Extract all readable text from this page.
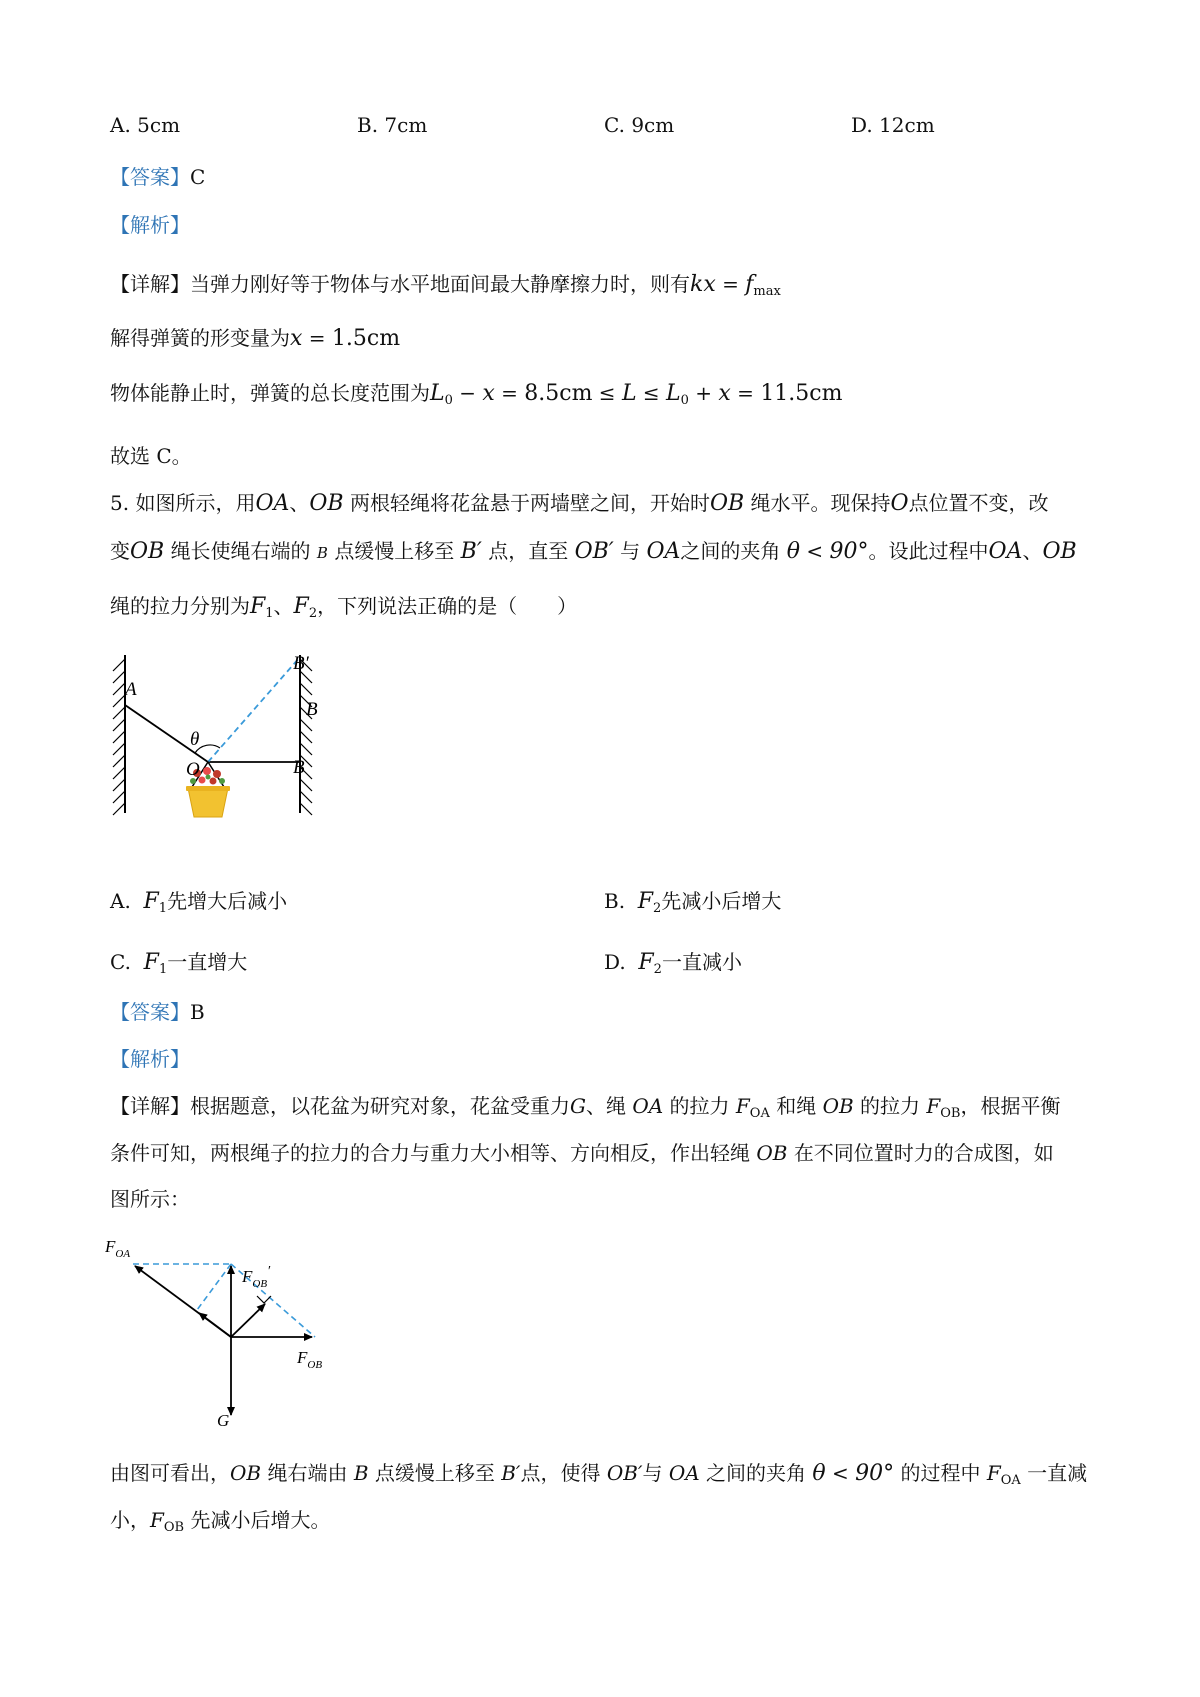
A. 5cm	B. 7cm	C. 9cm	D. 12cm
【答案】C
【解析】
【详解】当弹力刚好等于物体与水平地面间最大静摩擦力时，则有kx = $f_{max}$
解得弹簧的形变量为x = 1.5cm
物体能静止时，弹簧的总长度范围为$L_0 - x = 8.5cm \le L \le L_0 + x = 11.5cm$
故选 C。
5. 如图所示，用OA、OB 两根轻绳将花盆悬于两墙壁之间，开始时OB 绳水平。现保持O点位置不变，改
变OB 绳长使绳右端的 B 点缓慢上移至 B′ 点，直至 OB′ 与 OA之间的夹角 θ < 90°。设此过程中OA、OB
绳的拉力分别为$F_1$、$F_2$，下列说法正确的是（　　）
A
B
B
B′
O
θ
A. $F_1$先增大后减小	B. $F_2$先减小后增大
C. $F_1$一直增大	D. $F_2$一直减小
【答案】B
【解析】
【详解】根据题意，以花盆为研究对象，花盆受重力G、绳 OA 的拉力 $F_{OA}$ 和绳 OB 的拉力 $F_{OB}$，根据平衡
条件可知，两根绳子的拉力的合力与重力大小相等、方向相反，作出轻绳 OB 在不同位置时力的合成图，如
图所示：
$F_{OA}$
$F_{OB}'$
$F_{OB}$
G
由图可看出，OB 绳右端由 B 点缓慢上移至 B′点，使得 OB′与 OA 之间的夹角 θ < 90° 的过程中 $F_{OA}$ 一直减
小，$F_{OB}$ 先减小后增大。
